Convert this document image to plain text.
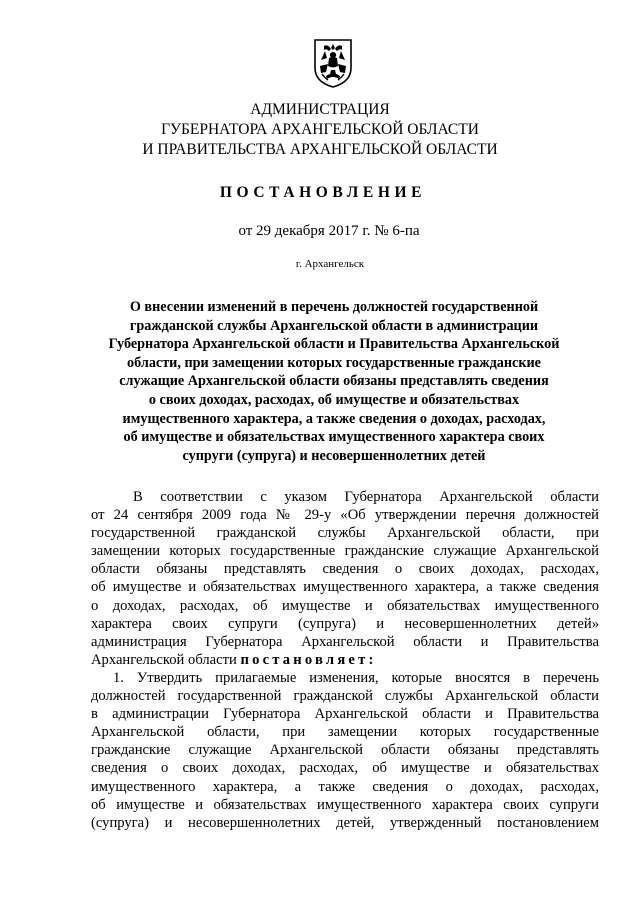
АДМИНИСТРАЦИЯ
ГУБЕРНАТОРА АРХАНГЕЛЬСКОЙ ОБЛАСТИ
И ПРАВИТЕЛЬСТВА АРХАНГЕЛЬСКОЙ ОБЛАСТИ
ПОСТАНОВЛЕНИЕ
от 29 декабря 2017 г. № 6-па
г. Архангельск
О внесении изменений в перечень должностей государственной
гражданской службы Архангельской области в администрации
Губернатора Архангельской области и Правительства Архангельской
области, при замещении которых государственные гражданские
служащие Архангельской области обязаны представлять сведения
о своих доходах, расходах, об имуществе и обязательствах
имущественного характера, а также сведения о доходах, расходах,
об имуществе и обязательствах имущественного характера своих
супруги (супруга) и несовершеннолетних детей
В соответствии с указом Губернатора Архангельской области
от 24 сентября 2009 года № 29-у «Об утверждении перечня должностей
государственной гражданской службы Архангельской области, при
замещении которых государственные гражданские служащие Архангельской
области обязаны представлять сведения о своих доходах, расходах,
об имуществе и обязательствах имущественного характера, а также сведения
о доходах, расходах, об имуществе и обязательствах имущественного
характера своих супруги (супруга) и несовершеннолетних детей»
администрация Губернатора Архангельской области и Правительства
Архангельской области постановляет:
1. Утвердить прилагаемые изменения, которые вносятся в перечень
должностей государственной гражданской службы Архангельской области
в администрации Губернатора Архангельской области и Правительства
Архангельской области, при замещении которых государственные
гражданские служащие Архангельской области обязаны представлять
сведения о своих доходах, расходах, об имуществе и обязательствах
имущественного характера, а также сведения о доходах, расходах,
об имуществе и обязательствах имущественного характера своих супруги
(супруга) и несовершеннолетних детей, утвержденный постановлением
